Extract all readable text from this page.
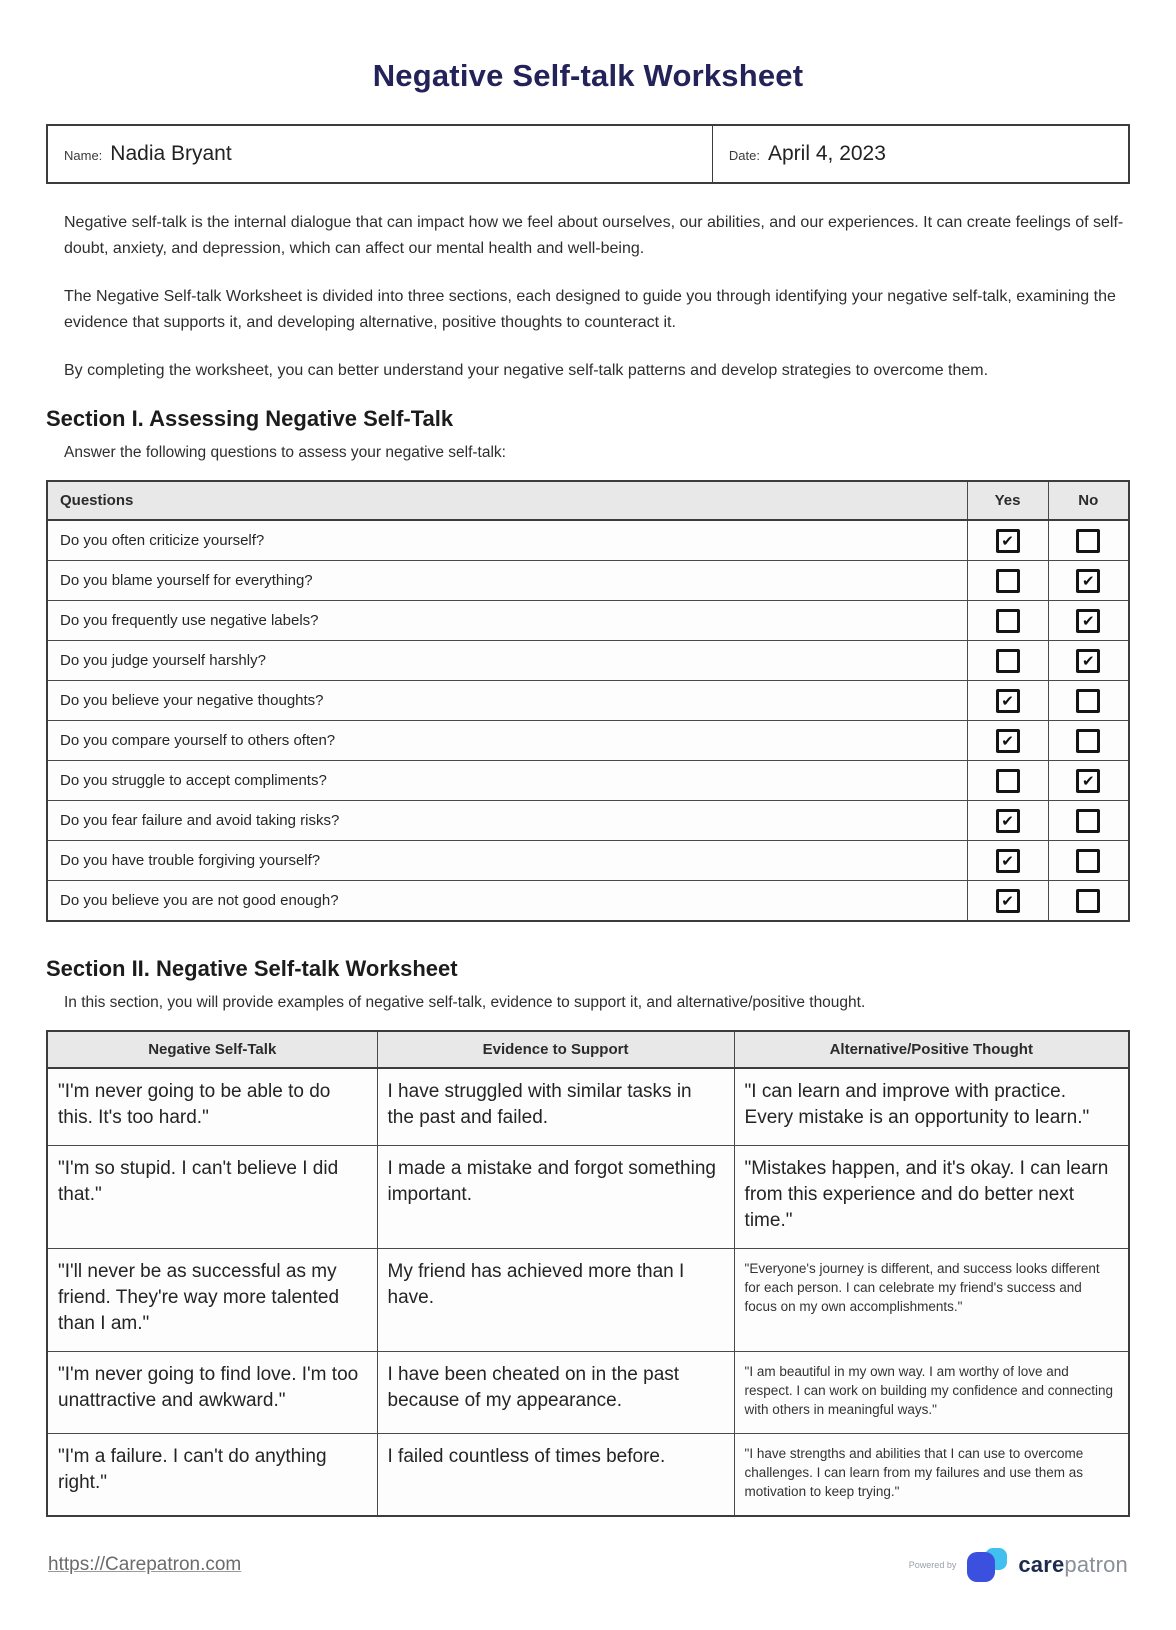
Negative Self-talk Worksheet
Name: Nadia Bryant	Date: April 4, 2023

Negative self-talk is the internal dialogue that can impact how we feel about ourselves, our abilities, and our experiences. It can create feelings of self-doubt, anxiety, and depression, which can affect our mental health and well-being.

The Negative Self-talk Worksheet is divided into three sections, each designed to guide you through identifying your negative self-talk, examining the evidence that supports it, and developing alternative, positive thoughts to counteract it.

By completing the worksheet, you can better understand your negative self-talk patterns and develop strategies to overcome them.

Section I. Assessing Negative Self-Talk

Answer the following questions to assess your negative self-talk:

Questions	Yes	No
Do you often criticize yourself?	✔	
Do you blame yourself for everything?		✔
Do you frequently use negative labels?		✔
Do you judge yourself harshly?		✔
Do you believe your negative thoughts?	✔	
Do you compare yourself to others often?	✔	
Do you struggle to accept compliments?		✔
Do you fear failure and avoid taking risks?	✔	
Do you have trouble forgiving yourself?	✔	
Do you believe you are not good enough?	✔	
Section II. Negative Self-talk Worksheet

In this section, you will provide examples of negative self-talk, evidence to support it, and alternative/positive thought.

Negative Self-Talk	Evidence to Support	Alternative/Positive Thought
"I'm never going to be able to do this. It's too hard."	I have struggled with similar tasks in the past and failed.	"I can learn and improve with practice. Every mistake is an opportunity to learn."
"I'm so stupid. I can't believe I did that."	I made a mistake and forgot something important.	"Mistakes happen, and it's okay. I can learn from this experience and do better next time."
"I'll never be as successful as my friend. They're way more talented than I am."	My friend has achieved more than I have.	"Everyone's journey is different, and success looks different for each person. I can celebrate my friend's success and focus on my own accomplishments."
"I'm never going to find love. I'm too unattractive and awkward."	I have been cheated on in the past because of my appearance.	"I am beautiful in my own way. I am worthy of love and respect. I can work on building my confidence and connecting with others in meaningful ways."
"I'm a failure. I can't do anything right."	I failed countless of times before.	"I have strengths and abilities that I can use to overcome challenges. I can learn from my failures and use them as motivation to keep trying."
https://Carepatron.com	Powered by	carepatron
